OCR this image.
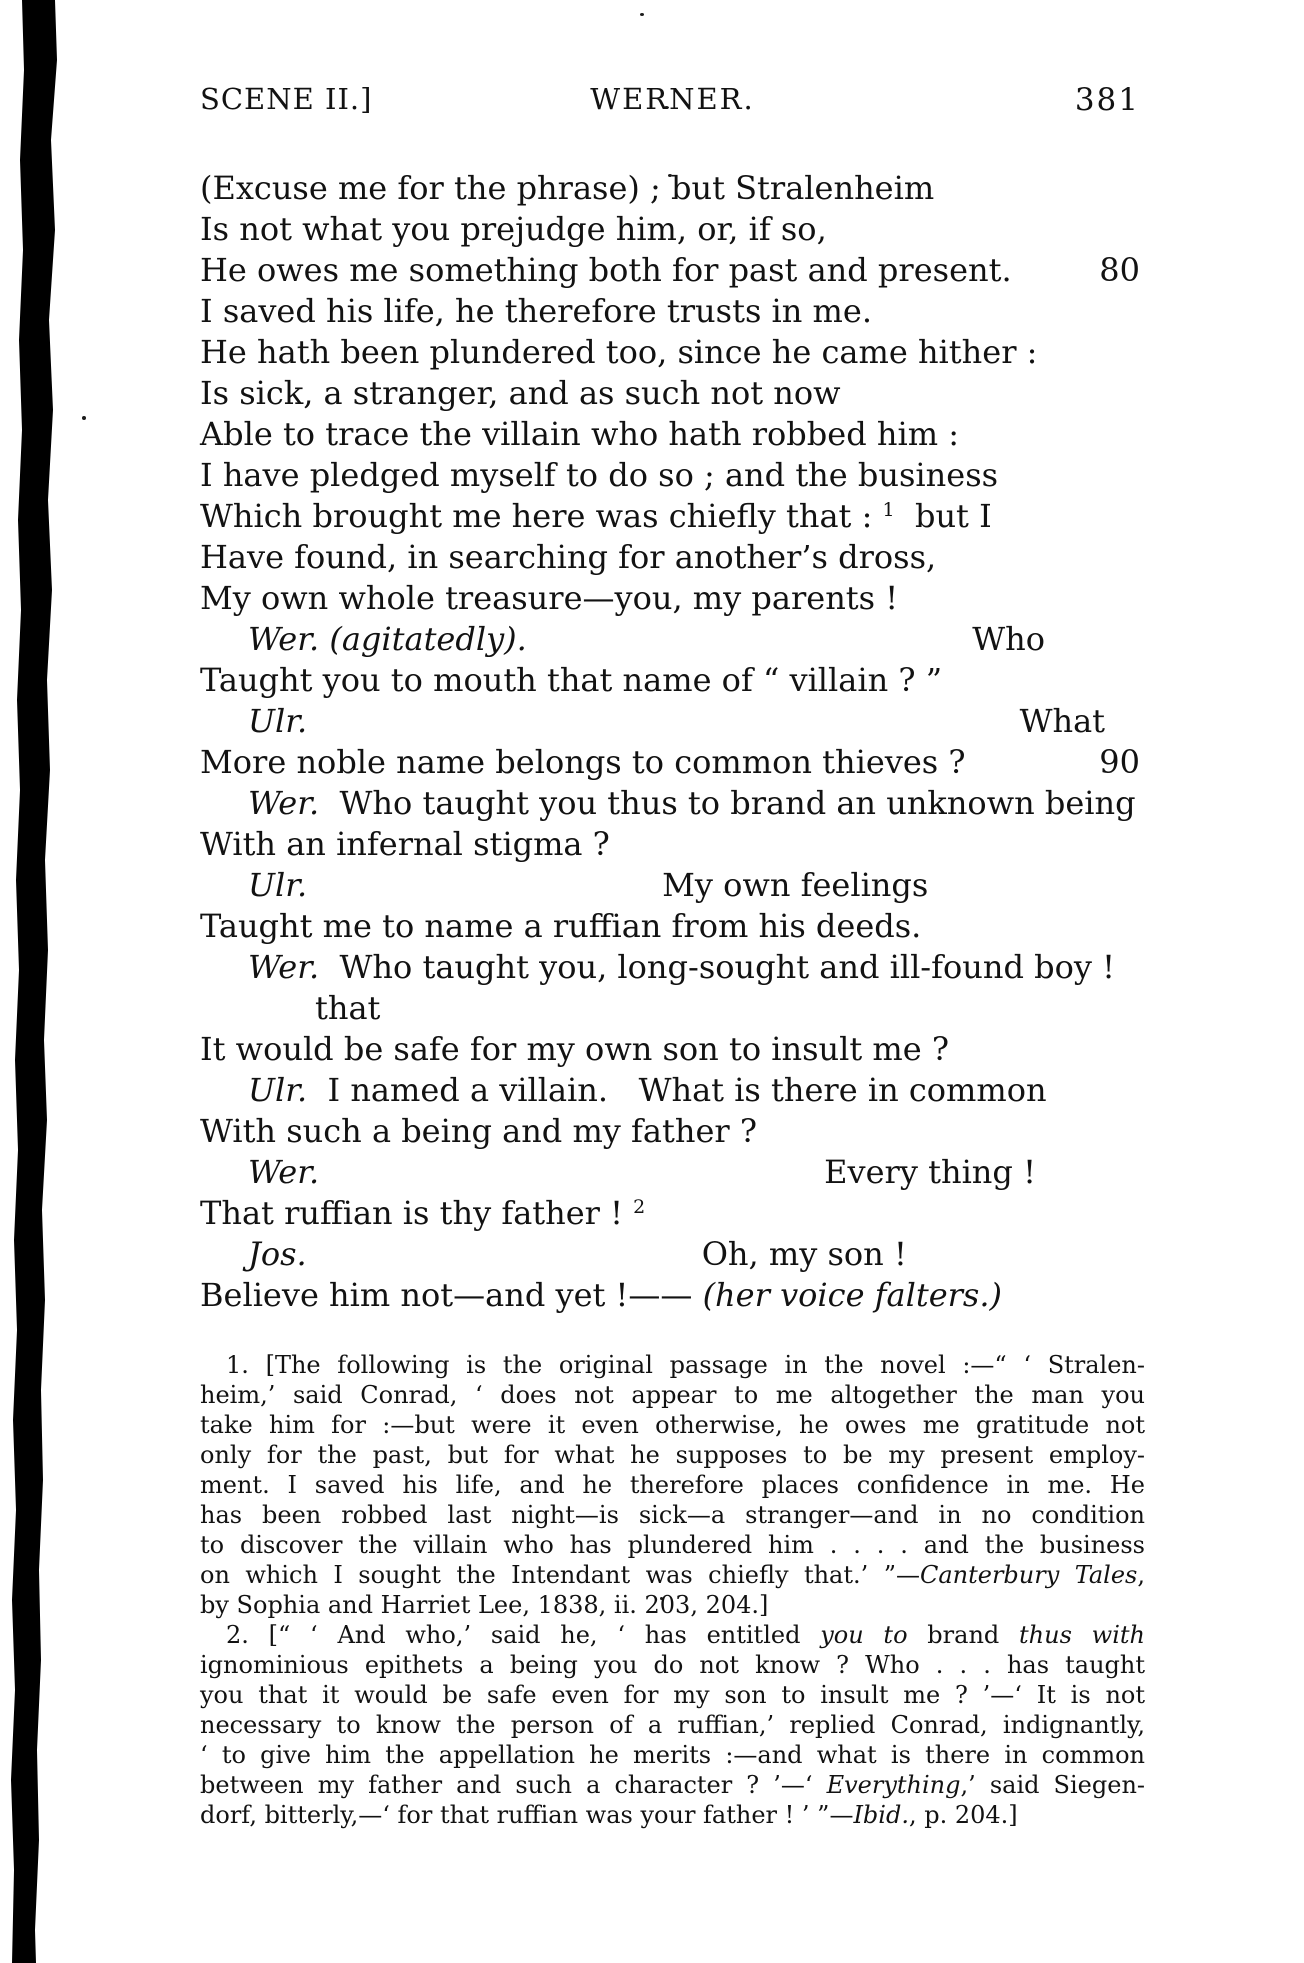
SCENE II.]	WERNER.	381
(Excuse me for the phrase) ; but Stralenheim
Is not what you prejudge him, or, if so,
He owes me something both for past and present.	80
I saved his life, he therefore trusts in me.
He hath been plundered too, since he came hither :
Is sick, a stranger, and as such not now
Able to trace the villain who hath robbed him :
I have pledged myself to do so ; and the business
Which brought me here was chiefly that : $^1$  but I
Have found, in searching for another’s dross,
My own whole treasure—you, my parents !
Wer. (agitatedly).	Who
Taught you to mouth that name of “ villain ? ”
Ulr.	What
More noble name belongs to common thieves ?	90
Wer.  Who taught you thus to brand an unknown being
With an infernal stigma ?
Ulr.	My own feelings
Taught me to name a ruffian from his deeds.
Wer.  Who taught you, long-sought and ill-found boy !
that
It would be safe for my own son to insult me ?
Ulr.  I named a villain.   What is there in common
With such a being and my father ?
Wer.	Every thing !
That ruffian is thy father ! $^2$
Jos.	Oh, my son !
Believe him not—and yet !—— (her voice falters.)
1. [The following is the original passage in the novel :—“ ‘ Stralen-
heim,’ said Conrad, ‘ does not appear to me altogether the man you
take him for :—but were it even otherwise, he owes me gratitude not
only for the past, but for what he supposes to be my present employ-
ment. I saved his life, and he therefore places confidence in me. He
has been robbed last night—is sick—a stranger—and in no condition
to discover the villain who has plundered him . . . . and the business
on which I sought the Intendant was chiefly that.’ ”—Canterbury Tales,
by Sophia and Harriet Lee, 1838, ii. 203, 204.]
2. [“ ‘ And who,’ said he, ‘ has entitled you to brand thus with
ignominious epithets a being you do not know ? Who . . . has taught
you that it would be safe even for my son to insult me ? ’—‘ It is not
necessary to know the person of a ruffian,’ replied Conrad, indignantly,
‘ to give him the appellation he merits :—and what is there in common
between my father and such a character ? ’—‘ Everything,’ said Siegen-
dorf, bitterly,—‘ for that ruffian was your father ! ’ ”—Ibid., p. 204.]
